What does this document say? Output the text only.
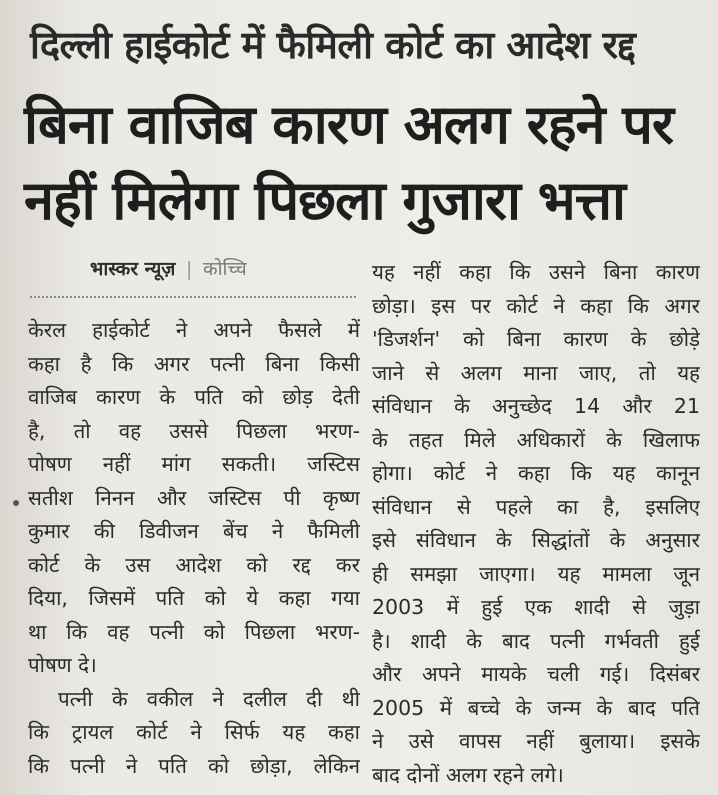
दिल्ली हाईकोर्ट में फैमिली कोर्ट का आदेश रद्द
बिना वाजिब कारण अलग रहने पर
नहीं मिलेगा पिछला गुजारा भत्ता
भास्कर न्यूज़ | कोच्चि
केरल हाईकोर्ट ने अपने फैसले में
कहा है कि अगर पत्नी बिना किसी
वाजिब कारण के पति को छोड़ देती
है, तो वह उससे पिछला भरण-
पोषण नहीं मांग सकती। जस्टिस
सतीश निनन और जस्टिस पी कृष्ण
कुमार की डिवीजन बेंच ने फैमिली
कोर्ट के उस आदेश को रद्द कर
दिया, जिसमें पति को ये कहा गया
था कि वह पत्नी को पिछला भरण-
पोषण दे।
पत्नी के वकील ने दलील दी थी
कि ट्रायल कोर्ट ने सिर्फ यह कहा
कि पत्नी ने पति को छोड़ा, लेकिन
यह नहीं कहा कि उसने बिना कारण
छोड़ा। इस पर कोर्ट ने कहा कि अगर
'डिजर्शन' को बिना कारण के छोड़े
जाने से अलग माना जाए, तो यह
संविधान के अनुच्छेद 14 और 21
के तहत मिले अधिकारों के खिलाफ
होगा। कोर्ट ने कहा कि यह कानून
संविधान से पहले का है, इसलिए
इसे संविधान के सिद्धांतों के अनुसार
ही समझा जाएगा। यह मामला जून
2003 में हुई एक शादी से जुड़ा
है। शादी के बाद पत्नी गर्भवती हुई
और अपने मायके चली गई। दिसंबर
2005 में बच्चे के जन्म के बाद पति
ने उसे वापस नहीं बुलाया। इसके
बाद दोनों अलग रहने लगे।
